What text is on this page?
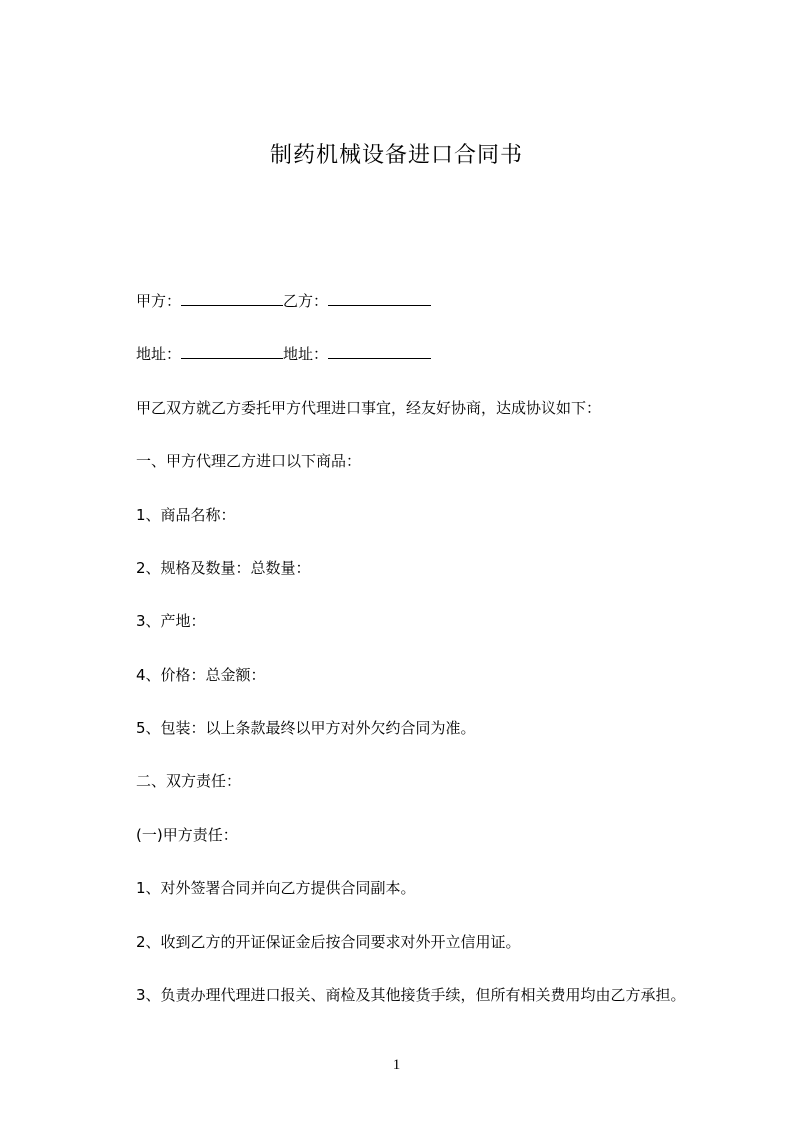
制药机械设备进口合同书
甲方：	乙方：
地址：	地址：
甲乙双方就乙方委托甲方代理进口事宜，经友好协商，达成协议如下：
一、甲方代理乙方进口以下商品：
1、商品名称：
2、规格及数量：总数量：
3、产地：
4、价格：总金额：
5、包装：以上条款最终以甲方对外欠约合同为准。
二、双方责任：
(一)甲方责任：
1、对外签署合同并向乙方提供合同副本。
2、收到乙方的开证保证金后按合同要求对外开立信用证。
3、负责办理代理进口报关、商检及其他接货手续，但所有相关费用均由乙方承担。
1
